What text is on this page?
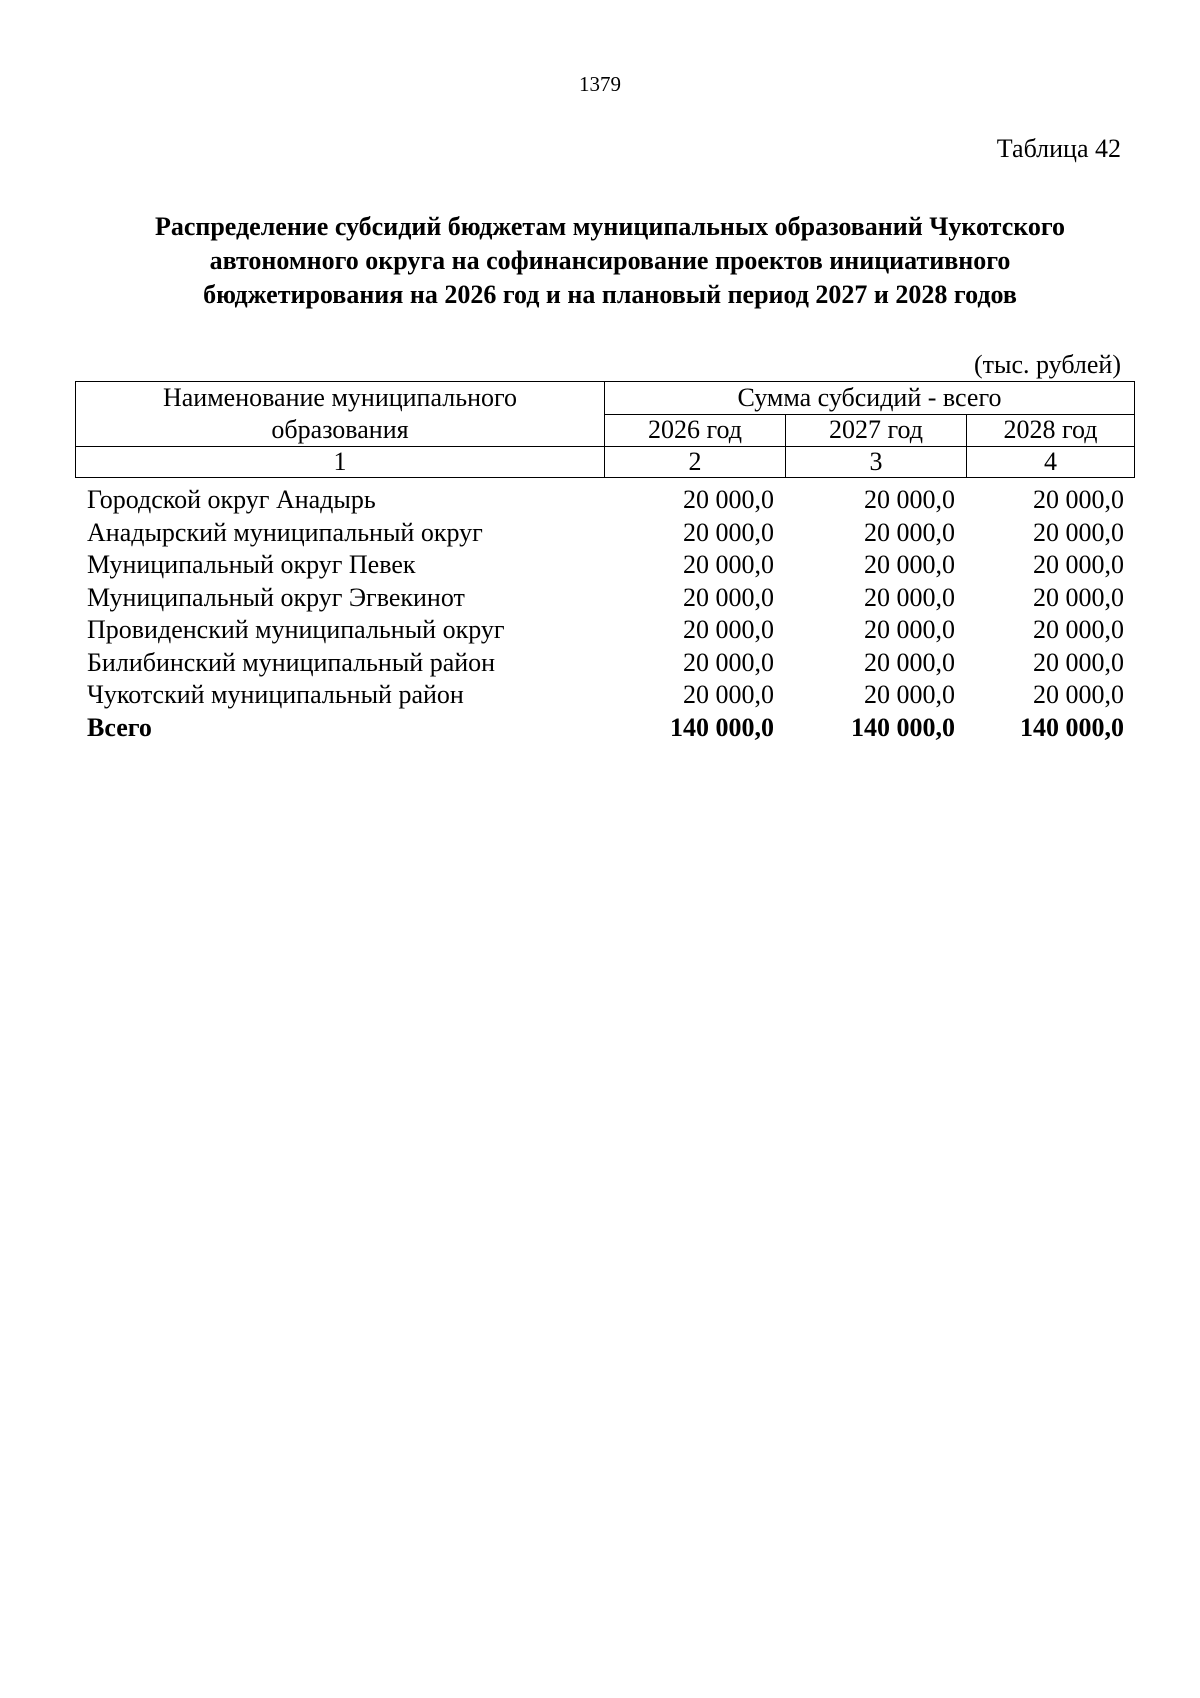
1379
Таблица 42
Распределение субсидий бюджетам муниципальных образований Чукотского
автономного округа на софинансирование проектов инициативного
бюджетирования на 2026 год и на плановый период 2027 и 2028 годов
(тыс. рублей)
Наименование муниципального
образования	Сумма субсидий - всего		
	2026 год	2027 год	2028 год
1	2	3	4
Городской округ Анадырь	20 000,0	20 000,0	20 000,0
Анадырский муниципальный округ	20 000,0	20 000,0	20 000,0
Муниципальный округ Певек	20 000,0	20 000,0	20 000,0
Муниципальный округ Эгвекинот	20 000,0	20 000,0	20 000,0
Провиденский муниципальный округ	20 000,0	20 000,0	20 000,0
Билибинский муниципальный район	20 000,0	20 000,0	20 000,0
Чукотский муниципальный район	20 000,0	20 000,0	20 000,0
Всего	140 000,0	140 000,0	140 000,0
